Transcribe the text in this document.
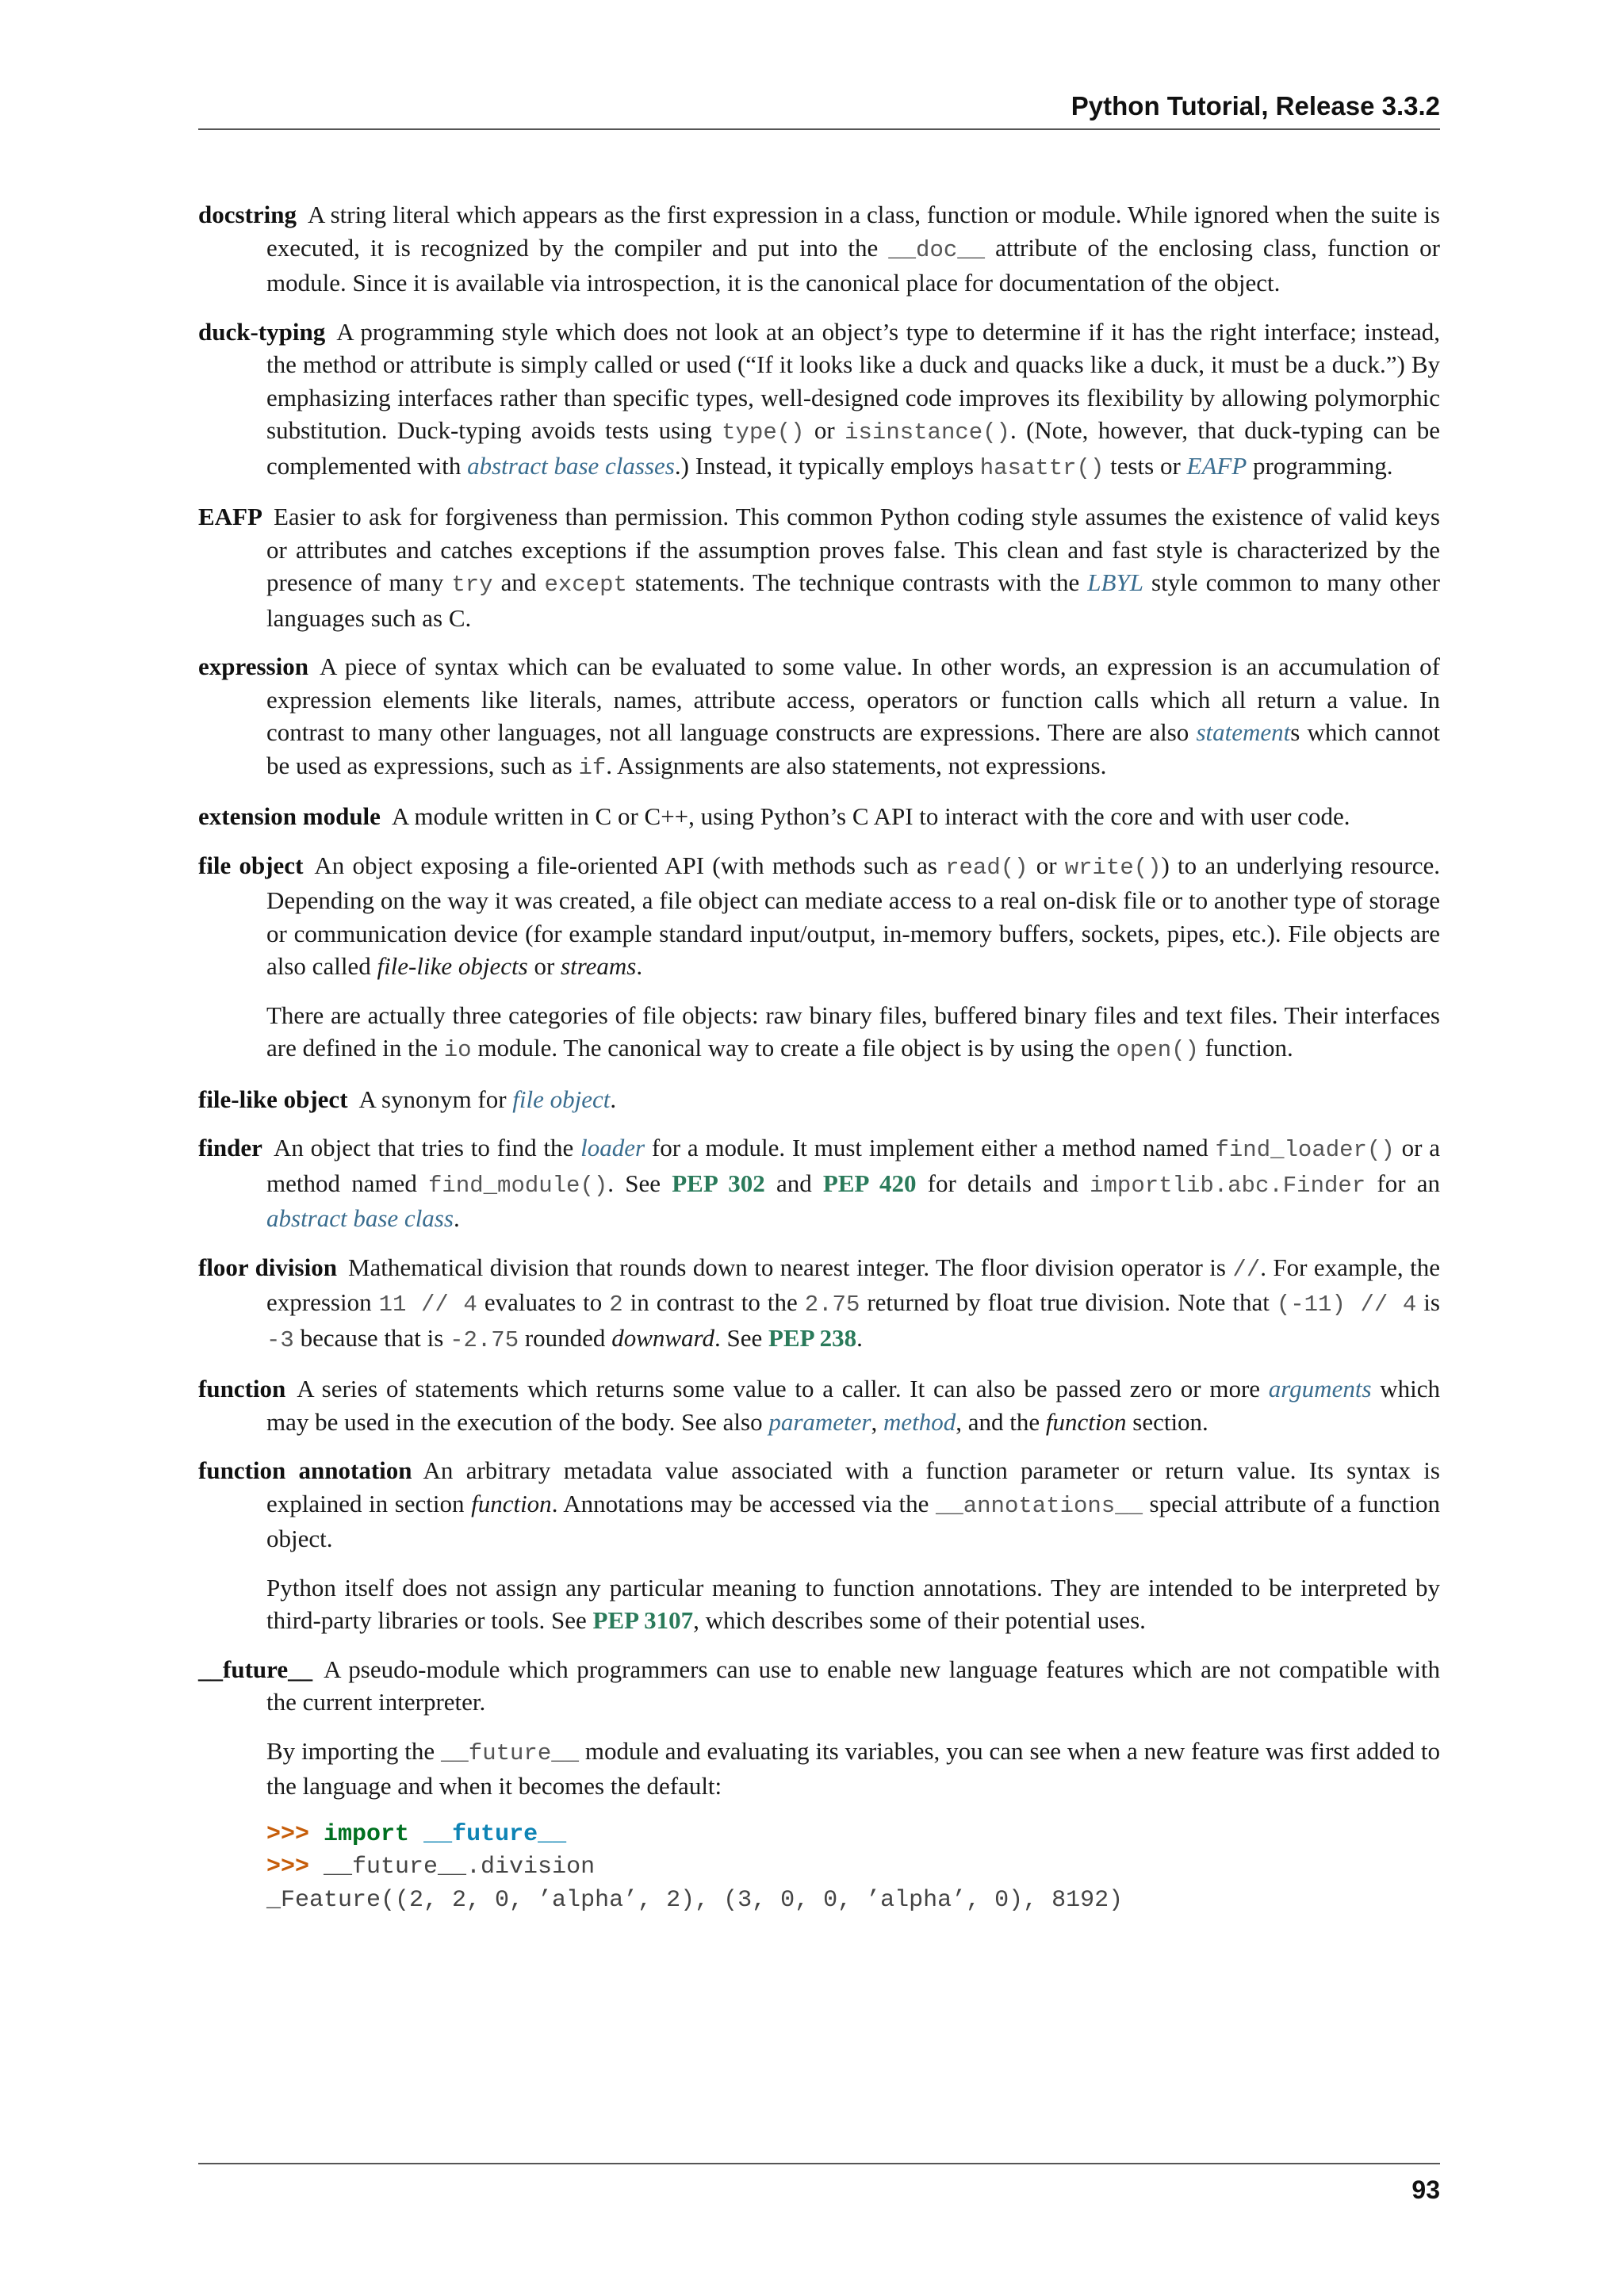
Python Tutorial, Release 3.3.2

docstring A string literal which appears as the first expression in a class, function or module. While ignored when the suite is executed, it is recognized by the compiler and put into the __doc__ attribute of the enclosing class, function or module. Since it is available via introspection, it is the canonical place for documentation of the object.

duck-typing A programming style which does not look at an object’s type to determine if it has the right interface; instead, the method or attribute is simply called or used (“If it looks like a duck and quacks like a duck, it must be a duck.”) By emphasizing interfaces rather than specific types, well-designed code improves its flexibility by allowing polymorphic substitution. Duck-typing avoids tests using type() or isinstance(). (Note, however, that duck-typing can be complemented with abstract base classes.) Instead, it typically employs hasattr() tests or EAFP programming.

EAFP Easier to ask for forgiveness than permission. This common Python coding style assumes the existence of valid keys or attributes and catches exceptions if the assumption proves false. This clean and fast style is characterized by the presence of many try and except statements. The technique contrasts with the LBYL style common to many other languages such as C.

expression A piece of syntax which can be evaluated to some value. In other words, an expression is an accumulation of expression elements like literals, names, attribute access, operators or function calls which all return a value. In contrast to many other languages, not all language constructs are expressions. There are also statements which cannot be used as expressions, such as if. Assignments are also statements, not expressions.

extension module A module written in C or C++, using Python’s C API to interact with the core and with user code.

file object An object exposing a file-oriented API (with methods such as read() or write()) to an underlying resource. Depending on the way it was created, a file object can mediate access to a real on-disk file or to another type of storage or communication device (for example standard input/output, in-memory buffers, sockets, pipes, etc.). File objects are also called file-like objects or streams.

There are actually three categories of file objects: raw binary files, buffered binary files and text files. Their interfaces are defined in the io module. The canonical way to create a file object is by using the open() function.

file-like object A synonym for file object.

finder An object that tries to find the loader for a module. It must implement either a method named find_loader() or a method named find_module(). See PEP 302 and PEP 420 for details and importlib.abc.Finder for an abstract base class.

floor division Mathematical division that rounds down to nearest integer. The floor division operator is //. For example, the expression 11 // 4 evaluates to 2 in contrast to the 2.75 returned by float true division. Note that (-11) // 4 is -3 because that is -2.75 rounded downward. See PEP 238.

function A series of statements which returns some value to a caller. It can also be passed zero or more arguments which may be used in the execution of the body. See also parameter, method, and the function section.

function annotation An arbitrary metadata value associated with a function parameter or return value. Its syntax is explained in section function. Annotations may be accessed via the __annotations__ special attribute of a function object.

Python itself does not assign any particular meaning to function annotations. They are intended to be interpreted by third-party libraries or tools. See PEP 3107, which describes some of their potential uses.

__future__ A pseudo-module which programmers can use to enable new language features which are not compatible with the current interpreter.

By importing the __future__ module and evaluating its variables, you can see when a new feature was first added to the language and when it becomes the default:

>>> import __future__
>>> __future__.division
_Feature((2, 2, 0, ’alpha’, 2), (3, 0, 0, ’alpha’, 0), 8192)
93
